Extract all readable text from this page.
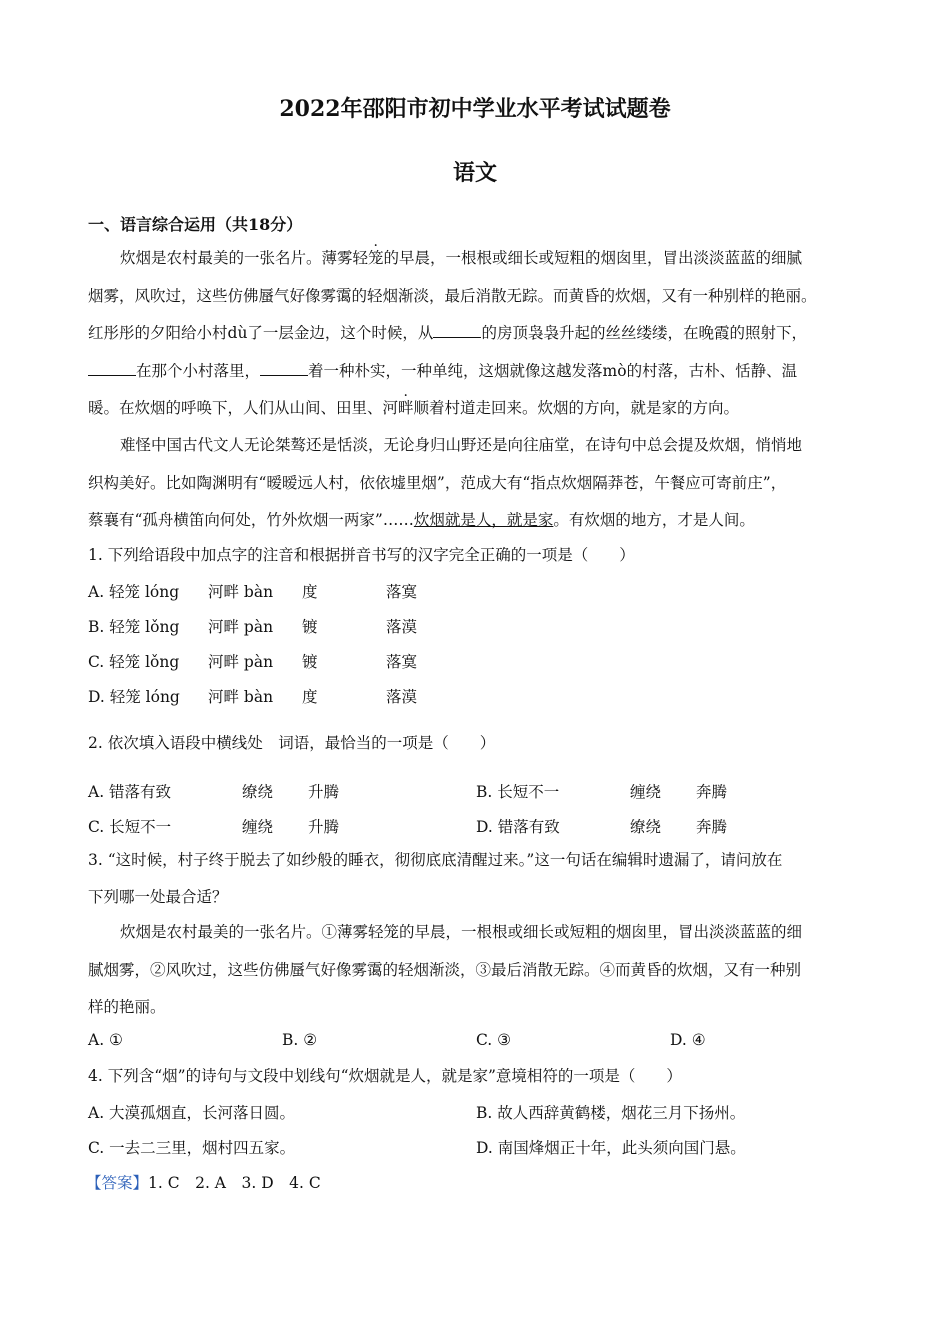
2022年邵阳市初中学业水平考试试题卷
语文
一、语言综合运用（共18分）
炊烟是农村最美的一张名片。薄雾轻笼的早晨，一根根或细长或短粗的烟囱里，冒出淡淡蓝蓝的细腻
烟雾，风吹过，这些仿佛蜃气好像雾霭的轻烟渐淡，最后消散无踪。而黄昏的炊烟，又有一种别样的艳丽。
红彤彤的夕阳给小村dù了一层金边，这个时候，从	的房顶袅袅升起的丝丝缕缕，在晚霞的照射下，
在那个小村落里，	着一种朴实，一种单纯，这烟就像这越发落mò的村落，古朴、恬静、温
暖。在炊烟的呼唤下，人们从山间、田里、河畔顺着村道走回来。炊烟的方向，就是家的方向。
难怪中国古代文人无论桀骜还是恬淡，无论身归山野还是向往庙堂，在诗句中总会提及炊烟，悄悄地
织构美好。比如陶渊明有“暧暧远人村，依依墟里烟”，范成大有“指点炊烟隔莽苍，午餐应可寄前庄”，
蔡襄有“孤舟横笛向何处，竹外炊烟一两家”……炊烟就是人，就是家。有炊烟的地方，才是人间。
1. 下列给语段中加点字的注音和根据拼音书写的汉字完全正确的一项是（　　）
A. 轻笼 lóng 河畔 bàn 度	落寞
B. 轻笼 lǒng 河畔 pàn 镀	落漠
C. 轻笼 lǒng 河畔 pàn 镀	落寞
D. 轻笼 lóng 河畔 bàn 度	落漠
2. 依次填入语段中横线处　词语，最恰当的一项是（　　）
A. 错落有致	缭绕 升腾	B. 长短不一	缠绕 奔腾
C. 长短不一	缠绕 升腾	D. 错落有致	缭绕 奔腾
3. “这时候，村子终于脱去了如纱般的睡衣，彻彻底底清醒过来。”这一句话在编辑时遗漏了，请问放在
下列哪一处最合适？
炊烟是农村最美的一张名片。①薄雾轻笼的早晨，一根根或细长或短粗的烟囱里，冒出淡淡蓝蓝的细
腻烟雾，②风吹过，这些仿佛蜃气好像雾霭的轻烟渐淡，③最后消散无踪。④而黄昏的炊烟，又有一种别
样的艳丽。
A. ①	B. ②	C. ③	D. ④
4. 下列含“烟”的诗句与文段中划线句“炊烟就是人，就是家”意境相符的一项是（　　）
A. 大漠孤烟直，长河落日圆。	B. 故人西辞黄鹤楼，烟花三月下扬州。
C. 一去二三里，烟村四五家。	D. 南国烽烟正十年，此头须向国门悬。
【答案】1. C　2. A　3. D　4. C
